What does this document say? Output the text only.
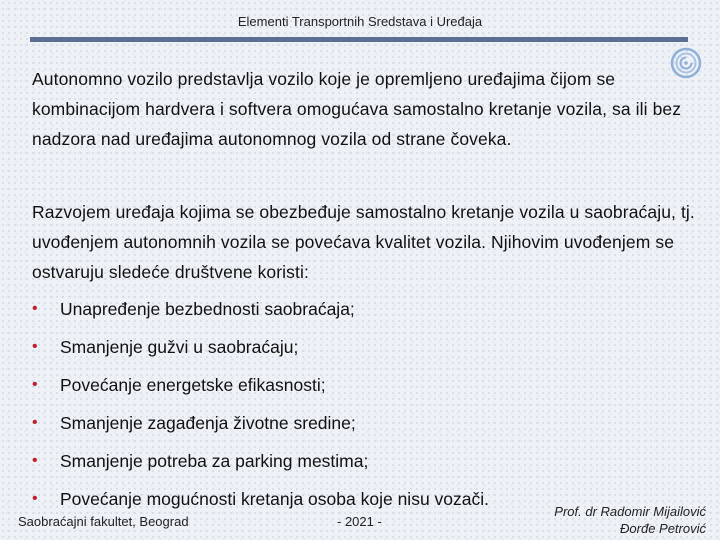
Elementi Transportnih Sredstava i Uređaja
Autonomno vozilo predstavlja vozilo koje je opremljeno uređajima čijom se kombinacijom hardvera i softvera omogućava samostalno kretanje vozila, sa ili bez nadzora nad uređajima autonomnog vozila od strane čoveka.
Razvojem uređaja kojima se obezbeđuje samostalno kretanje vozila u saobraćaju, tj. uvođenjem autonomnih vozila se povećava kvalitet vozila. Njihovim uvođenjem se ostvaruju sledeće društvene koristi:
•	Unapređenje bezbednosti saobraćaja;
•	Smanjenje gužvi u saobraćaju;
•	Povećanje energetske efikasnosti;
•	Smanjenje zagađenja životne sredine;
•	Smanjenje potreba za parking mestima;
•	Povećanje mogućnosti kretanja osoba koje nisu vozači.
Saobraćajni fakultet, Beograd	- 2021 -
Prof. dr Radomir Mijailović
Đorđe Petrović
